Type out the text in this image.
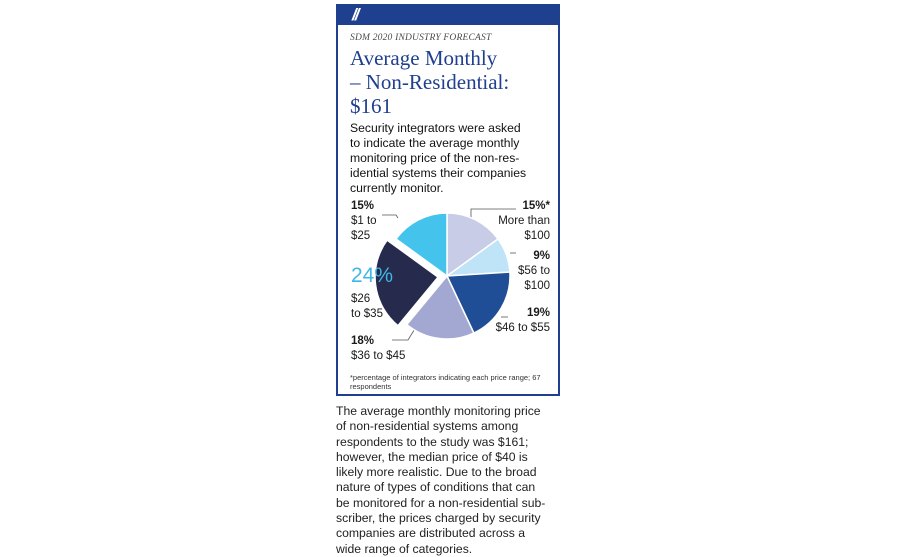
//
SDM 2020 INDUSTRY FORECAST
Average Monthly
– Non-Residential:
$161
Security integrators were asked
to indicate the average monthly
monitoring price of the non-res-
idential systems their companies
currently monitor.
15%
$1 to
$25
24%
$26
to $35
18%
$36 to $45
19%
$46 to $55
9%
$56 to
$100
15%*
More than
$100
*percentage of integrators indicating each price range; 67 respondents
The average monthly monitoring price
of non-residential systems among
respondents to the study was $161;
however, the median price of $40 is
likely more realistic. Due to the broad
nature of types of conditions that can
be monitored for a non-residential sub-
scriber, the prices charged by security
companies are distributed across a
wide range of categories.
